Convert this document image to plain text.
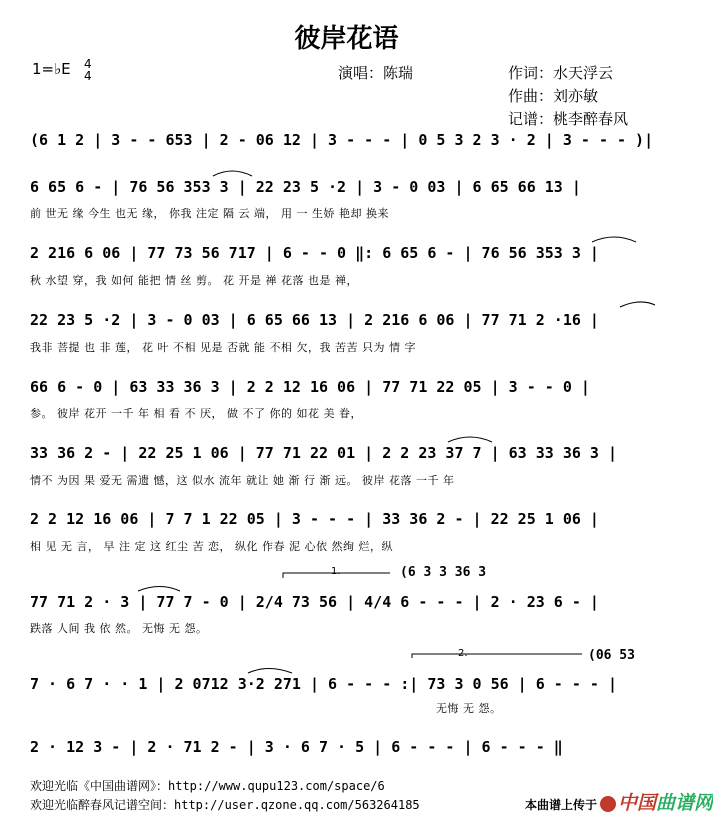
彼岸花语
1=♭E 4
4	演唱：陈瑞	作词：水天浮云
作曲：刘亦敏
记谱：桃李醉春风
(6 1 2 | 3 - - 653 | 2 - 06 12 | 3 - - - | 0 5 3 2 3 · 2 | 3 - - - )|
6 65 6 - | 76 56 353 3 | 22 23 5 ·2 | 3 - 0 03 | 6 65 66 13 |
前 世无 缘 今生 也无 缘， 你我 注定 隔 云 端， 用 一 生娇 艳却 换来
2 216 6 06 | 77 73 56 717 | 6 - - 0 ‖: 6 65 6 - | 76 56 353 3 |
秋 水望 穿，我 如何 能把 情 丝 剪。 花 开是 禅 花落 也是 禅，
22 23 5 ·2 | 3 - 0 03 | 6 65 66 13 | 2 216 6 06 | 77 71 2 ·16 |
我非 菩提 也 非 莲， 花 叶 不相 见是 否就 能 不相 欠，我 苦苦 只为 情 字
66 6 - 0 | 63 33 36 3 | 2 2 12 16 06 | 77 71 22 05 | 3 - - 0 |
参。 彼岸 花开 一千 年 相 看 不 厌， 做 不了 你的 如花 美 眷，
33 36 2 - | 22 25 1 06 | 77 71 22 01 | 2 2 23 37 7 | 63 33 36 3 |
情不 为因 果 爱无 需遗 憾，这 似水 流年 就让 她 渐 行 渐 远。 彼岸 花落 一千 年
2 2 12 16 06 | 7 7 1 22 05 | 3 - - - | 33 36 2 - | 22 25 1 06 |
相 见 无 言， 早 注 定 这 红尘 苦 恋， 纵化 作春 泥 心依 然绚 烂，纵
(6 3 3 36 3
77 71 2 · 3 | 77 7 - 0 | 2/4 73 56 | 4/4 6 - - - | 2 · 23 6 - |
跌落 人间 我 依 然。 无悔 无 怨。
(06 53
7 · 6 7 · · 1 | 2 0712 3·2 271 | 6 - - - :| 73 3 0 56 | 6 - - - |
无悔 无 怨。
2 · 12 3 - | 2 · 71 2 - | 3 · 6 7 · 5 | 6 - - - | 6 - - - ‖
1.
2.
欢迎光临《中国曲谱网》：http://www.qupu123.com/space/6
欢迎光临醉春风记谱空间：http://user.qzone.qq.com/563264185	本曲谱上传于	中国曲谱网
